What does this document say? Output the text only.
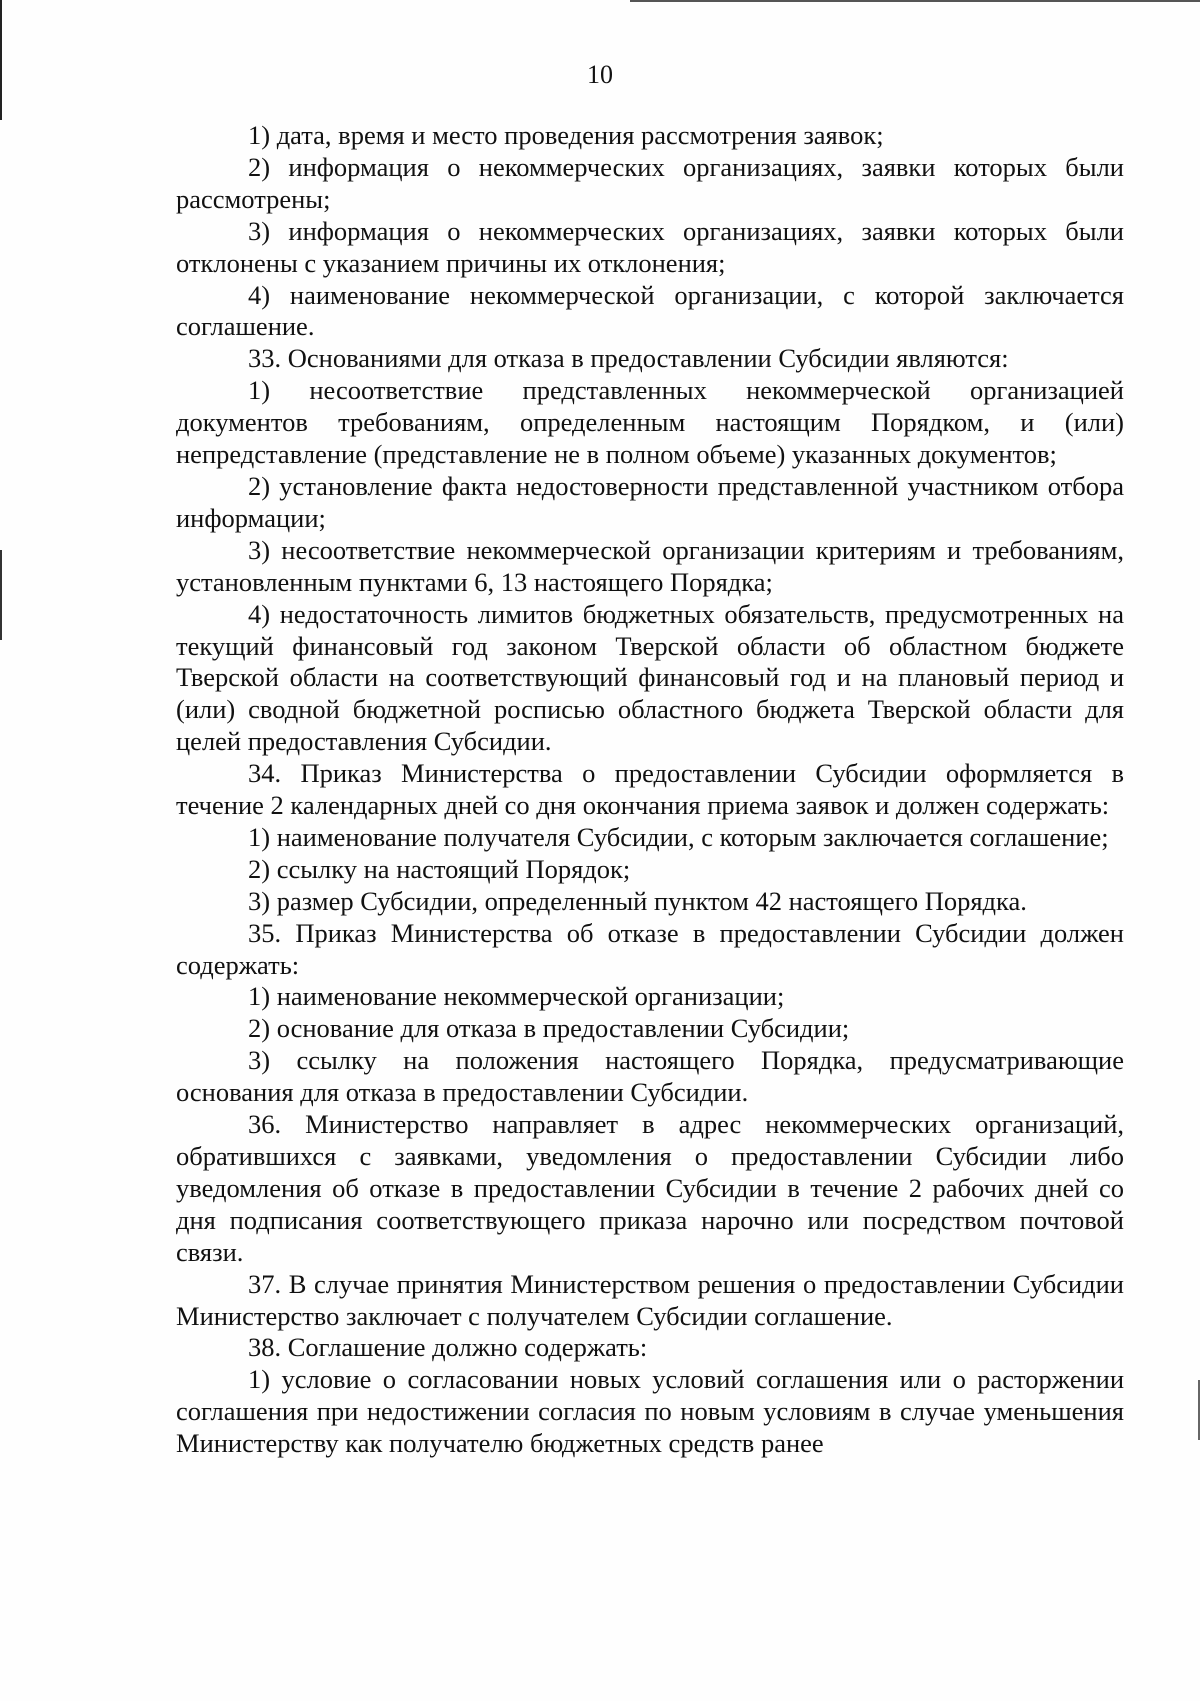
10

1) дата, время и место проведения рассмотрения заявок;

2) информация о некоммерческих организациях, заявки которых были рассмотрены;

3) информация о некоммерческих организациях, заявки которых были отклонены с указанием причины их отклонения;

4) наименование некоммерческой организации, с которой заключается соглашение.

33. Основаниями для отказа в предоставлении Субсидии являются:

1) несоответствие представленных некоммерческой организацией документов требованиям, определенным настоящим Порядком, и (или) непредставление (представление не в полном объеме) указанных документов;

2) установление факта недостоверности представленной участником отбора информации;

3) несоответствие некоммерческой организации критериям и требованиям, установленным пунктами 6, 13 настоящего Порядка;

4) недостаточность лимитов бюджетных обязательств, предусмотренных на текущий финансовый год законом Тверской области об областном бюджете Тверской области на соответствующий финансовый год и на плановый период и (или) сводной бюджетной росписью областного бюджета Тверской области для целей предоставления Субсидии.

34. Приказ Министерства о предоставлении Субсидии оформляется в течение 2 календарных дней со дня окончания приема заявок и должен содержать:

1) наименование получателя Субсидии, с которым заключается соглашение;

2) ссылку на настоящий Порядок;

3) размер Субсидии, определенный пунктом 42 настоящего Порядка.

35. Приказ Министерства об отказе в предоставлении Субсидии должен содержать:

1) наименование некоммерческой организации;

2) основание для отказа в предоставлении Субсидии;

3) ссылку на положения настоящего Порядка, предусматривающие основания для отказа в предоставлении Субсидии.

36. Министерство направляет в адрес некоммерческих организаций, обратившихся с заявками, уведомления о предоставлении Субсидии либо уведомления об отказе в предоставлении Субсидии в течение 2 рабочих дней со дня подписания соответствующего приказа нарочно или посредством почтовой связи.

37. В случае принятия Министерством решения о предоставлении Субсидии Министерство заключает с получателем Субсидии соглашение.

38. Соглашение должно содержать:

1) условие о согласовании новых условий соглашения или о расторжении соглашения при недостижении согласия по новым условиям в случае уменьшения Министерству как получателю бюджетных средств ранее
